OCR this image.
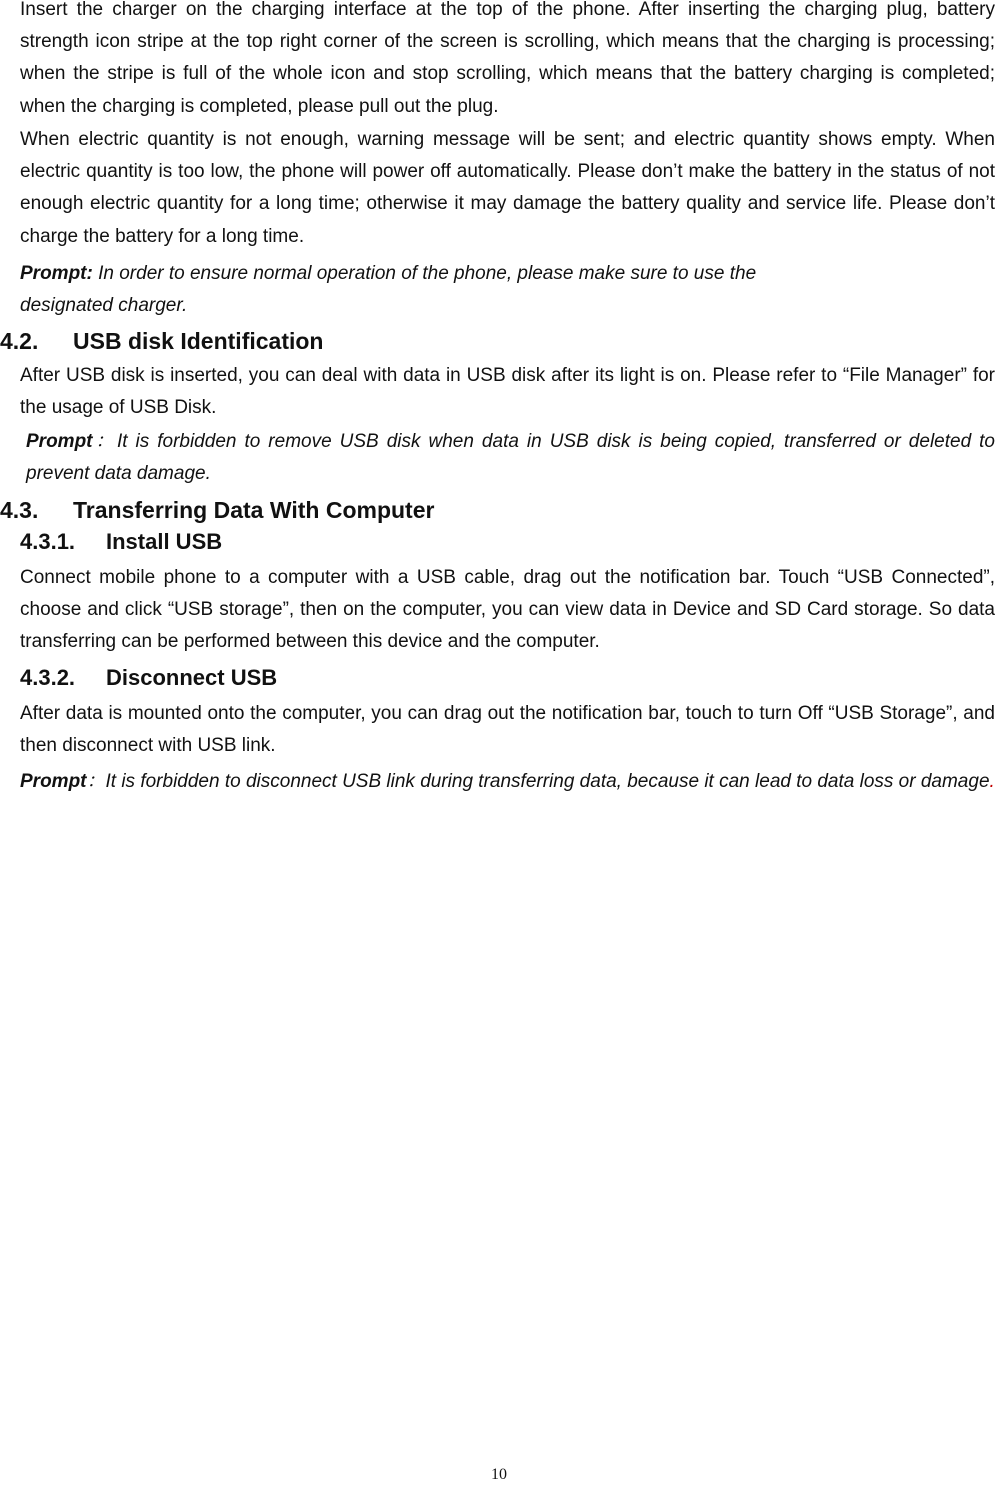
Insert the charger on the charging interface at the top of the phone. After inserting the charging plug, battery strength icon stripe at the top right corner of the screen is scrolling, which means that the charging is processing; when the stripe is full of the whole icon and stop scrolling, which means that the battery charging is completed; when the charging is completed, please pull out the plug.

When electric quantity is not enough, warning message will be sent; and electric quantity shows empty. When electric quantity is too low, the phone will power off automatically. Please don’t make the battery in the status of not enough electric quantity for a long time; otherwise it may damage the battery quality and service life. Please don’t charge the battery for a long time.

Prompt: In order to ensure normal operation of the phone, please make sure to use the
designated charger.

4.2. USB disk Identification

After USB disk is inserted, you can deal with data in USB disk after its light is on. Please refer to “File Manager” for the usage of USB Disk.

Prompt：It is forbidden to remove USB disk when data in USB disk is being copied, transferred or deleted to prevent data damage.

4.3. Transferring Data With Computer
4.3.1. Install USB

Connect mobile phone to a computer with a USB cable, drag out the notification bar. Touch “USB Connected”, choose and click “USB storage”, then on the computer, you can view data in Device and SD Card storage. So data transferring can be performed between this device and the computer.

4.3.2. Disconnect USB

After data is mounted onto the computer, you can drag out the notification bar, touch to turn Off “USB Storage”, and then disconnect with USB link.

Prompt：It is forbidden to disconnect USB link during transferring data, because it can lead to data loss or damage.

10
